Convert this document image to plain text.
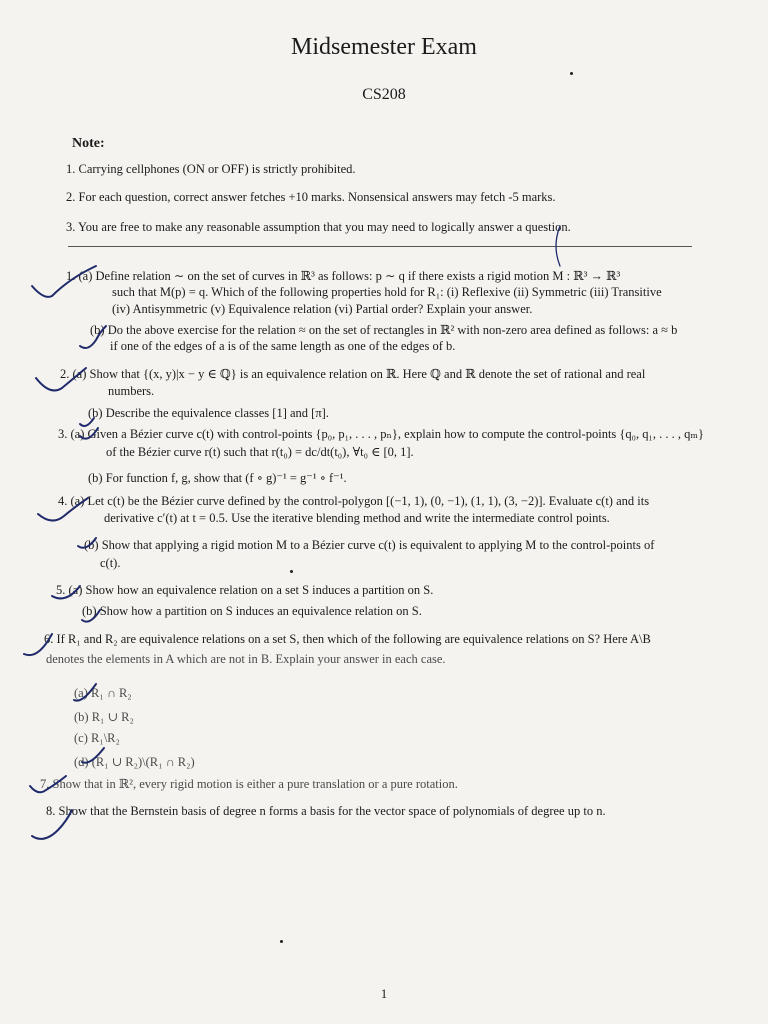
Midsemester Exam
CS208
Note:
1. Carrying cellphones (ON or OFF) is strictly prohibited.
2. For each question, correct answer fetches +10 marks. Nonsensical answers may fetch -5 marks.
3. You are free to make any reasonable assumption that you may need to logically answer a question.
1. (a) Define relation ∼ on the set of curves in ℝ³ as follows: p ∼ q if there exists a rigid motion M : ℝ³ → ℝ³
such that M(p) = q. Which of the following properties hold for R₁: (i) Reflexive (ii) Symmetric (iii) Transitive
(iv) Antisymmetric (v) Equivalence relation (vi) Partial order? Explain your answer.
(b) Do the above exercise for the relation ≈ on the set of rectangles in ℝ² with non-zero area defined as follows: a ≈ b
if one of the edges of a is of the same length as one of the edges of b.
2. (a) Show that {(x, y)|x − y ∈ ℚ} is an equivalence relation on ℝ. Here ℚ and ℝ denote the set of rational and real
numbers.
(b) Describe the equivalence classes [1] and [π].
3. (a) Given a Bézier curve c(t) with control-points {p₀, p₁, . . . , pₙ}, explain how to compute the control-points {q₀, q₁, . . . , qₘ}
of the Bézier curve r(t) such that r(t₀) = dc/dt(t₀), ∀t₀ ∈ [0, 1].
(b) For function f, g, show that (f ∘ g)⁻¹ = g⁻¹ ∘ f⁻¹.
4. (a) Let c(t) be the Bézier curve defined by the control-polygon [(−1, 1), (0, −1), (1, 1), (3, −2)]. Evaluate c(t) and its
derivative c′(t) at t = 0.5. Use the iterative blending method and write the intermediate control points.
(b) Show that applying a rigid motion M to a Bézier curve c(t) is equivalent to applying M to the control-points of
c(t).
5. (a) Show how an equivalence relation on a set S induces a partition on S.
(b) Show how a partition on S induces an equivalence relation on S.
6. If R₁ and R₂ are equivalence relations on a set S, then which of the following are equivalence relations on S? Here A\B
denotes the elements in A which are not in B. Explain your answer in each case.
(a) R₁ ∩ R₂
(b) R₁ ∪ R₂
(c) R₁\R₂
(d) (R₁ ∪ R₂)\(R₁ ∩ R₂)
7. Show that in ℝ², every rigid motion is either a pure translation or a pure rotation.
8. Show that the Bernstein basis of degree n forms a basis for the vector space of polynomials of degree up to n.
1
